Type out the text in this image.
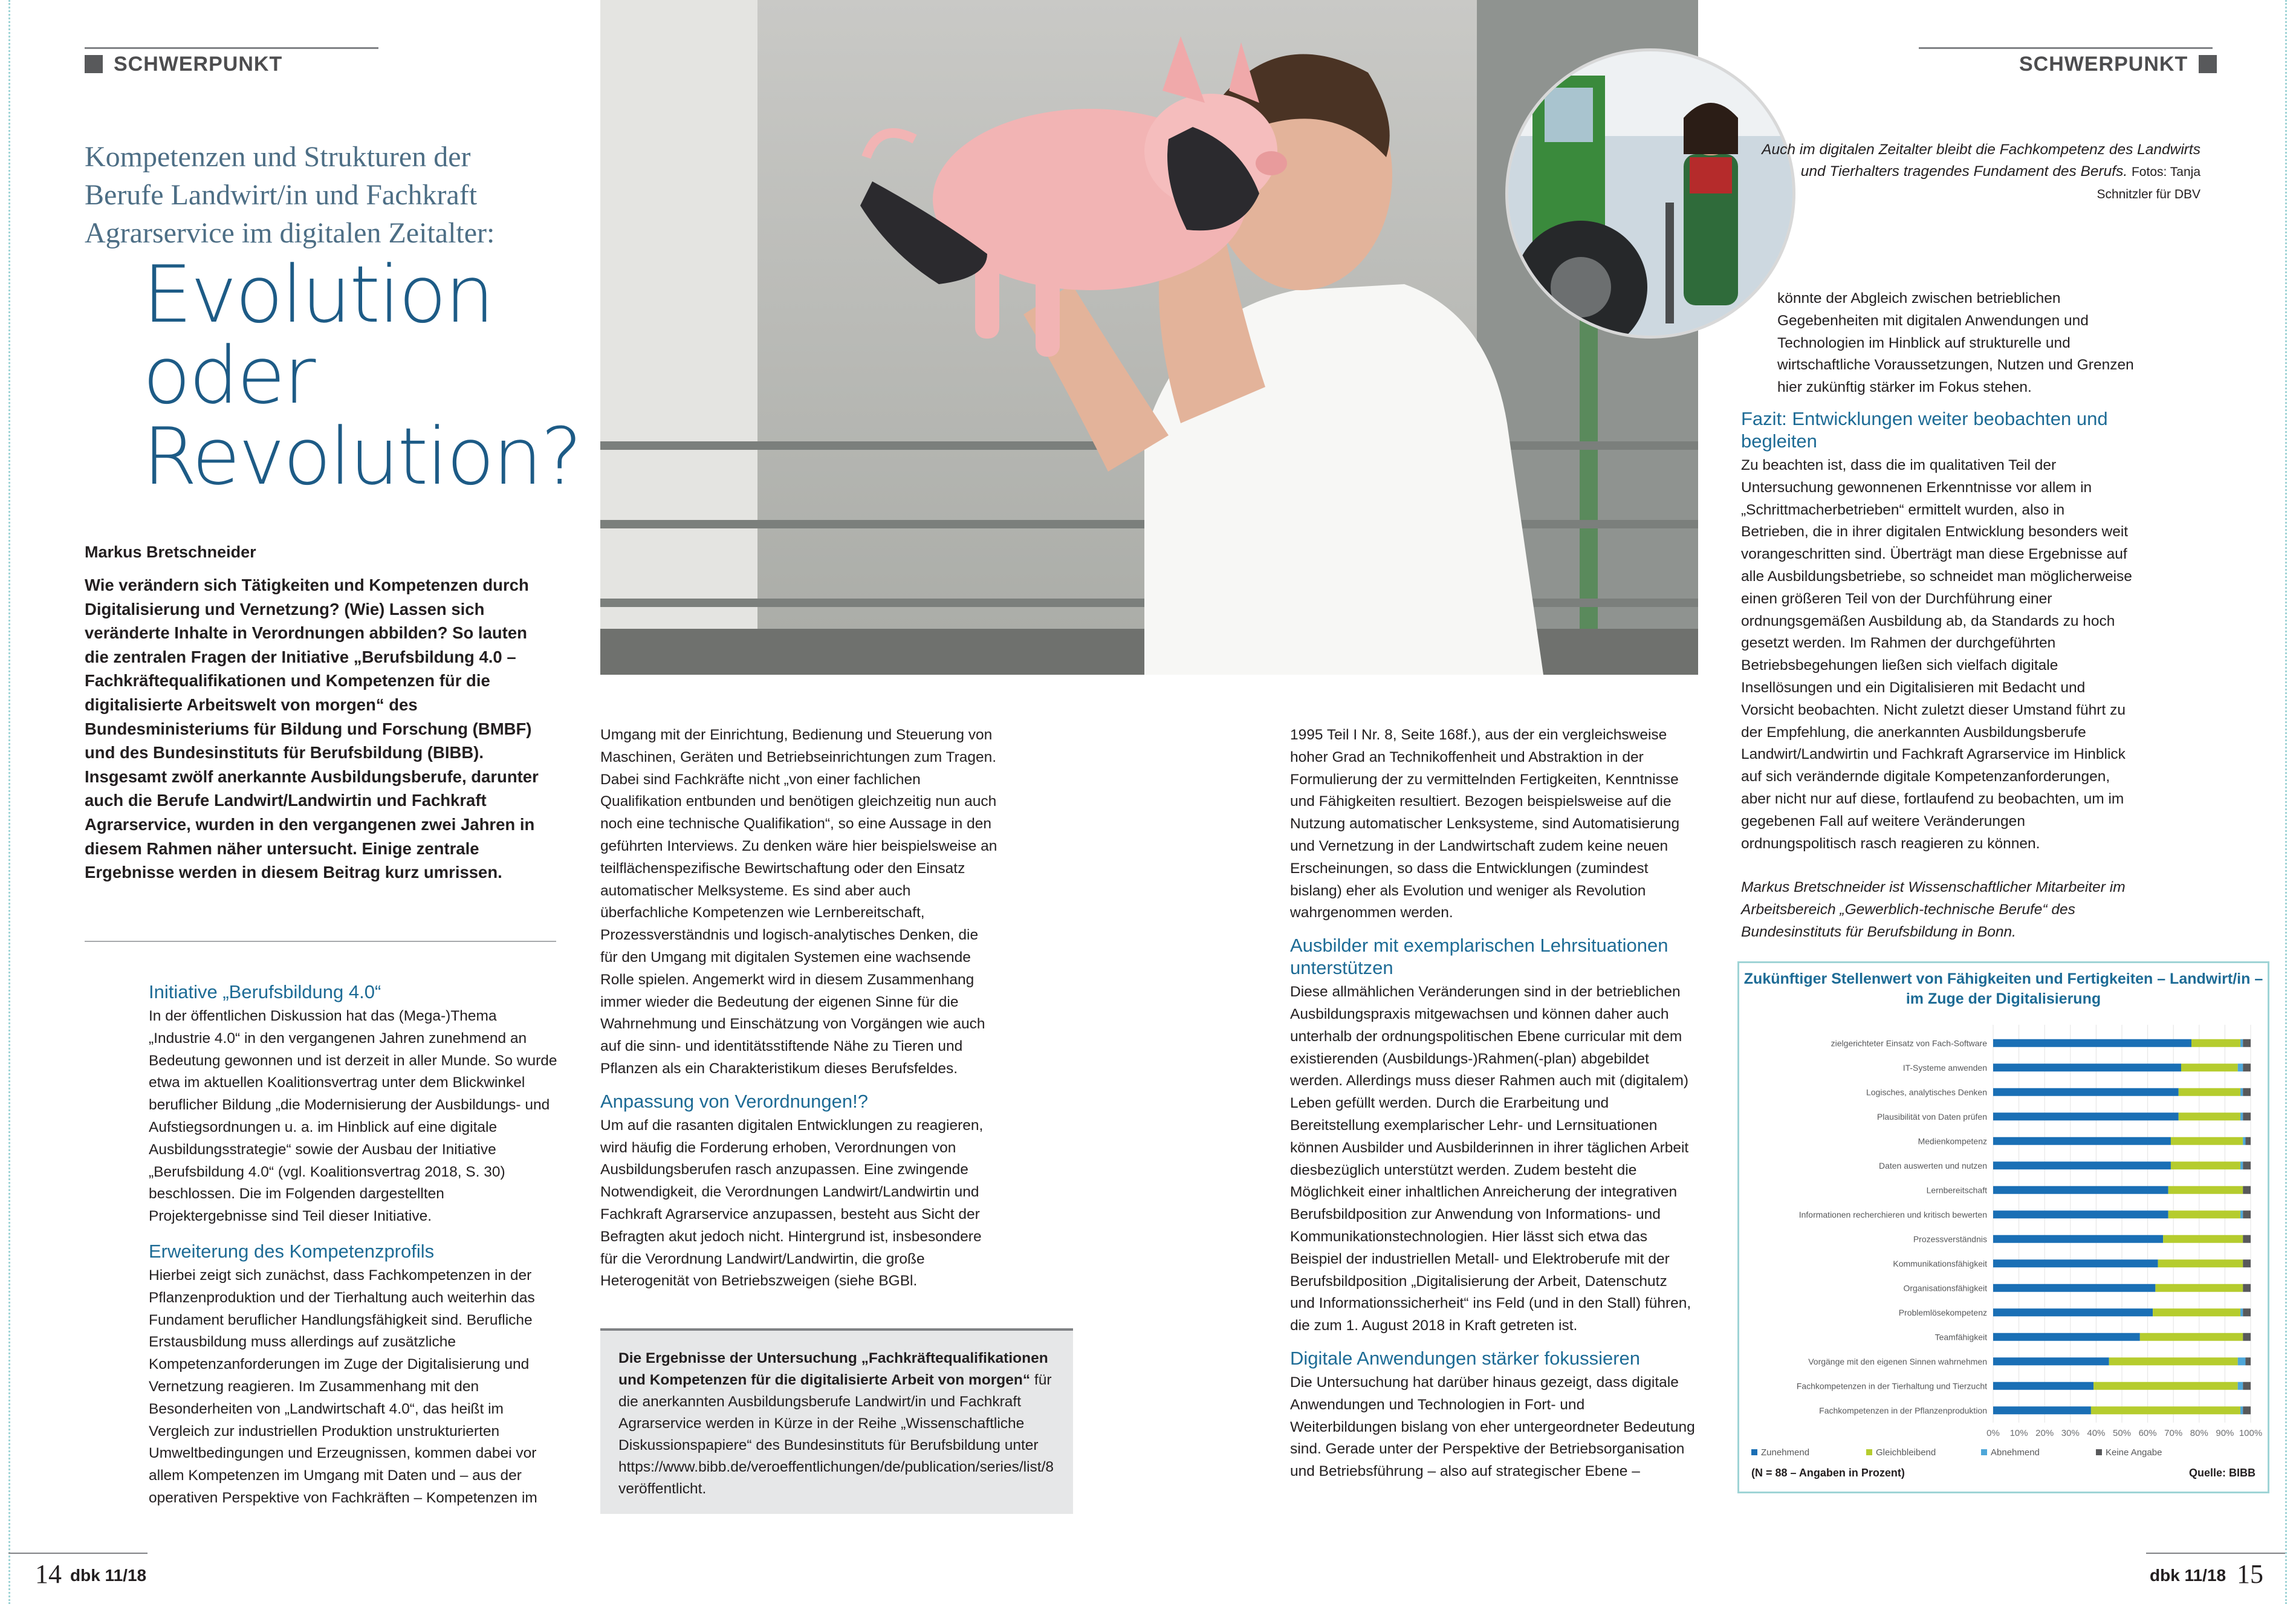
SCHWERPUNKT	SCHWERPUNKT
Kompetenzen und Strukturen der Berufe Landwirt/in und Fachkraft Agrarservice im digitalen Zeitalter:
Evolution
oder
Revolution?
Markus Bretschneider
Wie verändern sich Tätigkeiten und Kompetenzen durch Digitalisierung und Vernetzung? (Wie) Lassen sich veränderte Inhalte in Verordnungen abbilden? So lauten die zentralen Fragen der Initiative „Berufsbildung 4.0 – Fachkräftequalifikationen und Kompetenzen für die digitalisierte Arbeitswelt von morgen“ des Bundesministeriums für Bildung und Forschung (BMBF) und des Bundesinstituts für Berufsbildung (BIBB). Insgesamt zwölf anerkannte Ausbildungsberufe, darunter auch die Berufe Landwirt/Landwirtin und Fachkraft Agrarservice, wurden in den vergangenen zwei Jahren in diesem Rahmen näher untersucht. Einige zentrale Ergebnisse werden in diesem Beitrag kurz umrissen.
Auch im digitalen Zeitalter bleibt die Fachkompetenz des Landwirts und Tierhalters tragendes Fundament des Berufs. Fotos: Tanja Schnitzler für DBV
Initiative „Berufsbildung 4.0“

In der öffentlichen Diskussion hat das (Mega-)Thema „Industrie 4.0“ in den vergangenen Jahren zunehmend an Bedeutung gewonnen und ist derzeit in aller Munde. So wurde etwa im aktuellen Koalitionsvertrag unter dem Blickwinkel beruflicher Bildung „die Modernisierung der Ausbildungs- und Aufstiegsordnungen u. a. im Hinblick auf eine digitale Ausbildungsstrategie“ sowie der Ausbau der Initiative „Berufsbildung 4.0“ (vgl. Koalitionsvertrag 2018, S. 30) beschlossen. Die im Folgenden dargestellten Projektergebnisse sind Teil dieser Initiative.

Erweiterung des Kompetenzprofils

Hierbei zeigt sich zunächst, dass Fachkompetenzen in der Pflanzenproduktion und der Tierhaltung auch weiterhin das Fundament beruflicher Handlungsfähigkeit sind. Berufliche Erstausbildung muss allerdings auf zusätzliche Kompetenzanforderungen im Zuge der Digitalisierung und Vernetzung reagieren. Im Zusammenhang mit den Besonderheiten von „Landwirtschaft 4.0“, das heißt im Vergleich zur industriellen Produktion unstrukturierten Umweltbedingungen und Erzeugnissen, kommen dabei vor allem Kompetenzen im Umgang mit Daten und – aus der operativen Perspektive von Fachkräften – Kompetenzen im

Umgang mit der Einrichtung, Bedienung und Steuerung von Maschinen, Geräten und Betriebseinrichtungen zum Tragen. Dabei sind Fachkräfte nicht „von einer fachlichen Qualifikation entbunden und benötigen gleichzeitig nun auch noch eine technische Qualifikation“, so eine Aussage in den geführten Interviews. Zu denken wäre hier beispielsweise an teilflächenspezifische Bewirtschaftung oder den Einsatz automatischer Melksysteme. Es sind aber auch überfachliche Kompetenzen wie Lernbereitschaft, Prozessverständnis und logisch-analytisches Denken, die für den Umgang mit digitalen Systemen eine wachsende Rolle spielen. Angemerkt wird in diesem Zusammenhang immer wieder die Bedeutung der eigenen Sinne für die Wahrnehmung und Einschätzung von Vorgängen wie auch auf die sinn- und identitätsstiftende Nähe zu Tieren und Pflanzen als ein Charakteristikum dieses Berufsfeldes.

Anpassung von Verordnungen!?

Um auf die rasanten digitalen Entwicklungen zu reagieren, wird häufig die Forderung erhoben, Verordnungen von Ausbildungsberufen rasch anzupassen. Eine zwingende Notwendigkeit, die Verordnungen Landwirt/Landwirtin und Fachkraft Agrarservice anzupassen, besteht aus Sicht der Befragten akut jedoch nicht. Hintergrund ist, insbesondere für die Verordnung Landwirt/Landwirtin, die große Heterogenität von Betriebszweigen (siehe BGBl.

Die Ergebnisse der Untersuchung „Fachkräftequalifikationen und Kompetenzen für die digitalisierte Arbeit von morgen“ für die anerkannten Ausbildungsberufe Landwirt/in und Fachkraft Agrarservice werden in Kürze in der Reihe „Wissenschaftliche Diskussionspapiere“ des Bundesinstituts für Berufsbildung unter https://www.bibb.de/veroeffentlichungen/de/publication/series/list/8 veröffentlicht.

1995 Teil I Nr. 8, Seite 168f.), aus der ein vergleichsweise hoher Grad an Technikoffenheit und Abstraktion in der Formulierung der zu vermittelnden Fertigkeiten, Kenntnisse und Fähigkeiten resultiert. Bezogen beispielsweise auf die Nutzung automatischer Lenksysteme, sind Automatisierung und Vernetzung in der Landwirtschaft zudem keine neuen Erscheinungen, so dass die Entwicklungen (zumindest bislang) eher als Evolution und weniger als Revolution wahrgenommen werden.

Ausbilder mit exemplarischen Lehrsituationen unterstützen

Diese allmählichen Veränderungen sind in der betrieblichen Ausbildungspraxis mitgewachsen und können daher auch unterhalb der ordnungspolitischen Ebene curricular mit dem existierenden (Ausbildungs-)Rahmen(-plan) abgebildet werden. Allerdings muss dieser Rahmen auch mit (digitalem) Leben gefüllt werden. Durch die Erarbeitung und Bereitstellung exemplarischer Lehr- und Lernsituationen können Ausbilder und Ausbilderinnen in ihrer täglichen Arbeit diesbezüglich unterstützt werden. Zudem besteht die Möglichkeit einer inhaltlichen Anreicherung der integrativen Berufsbildposition zur Anwendung von Informations- und Kommunikationstechnologien. Hier lässt sich etwa das Beispiel der industriellen Metall- und Elektroberufe mit der Berufsbildposition „Digitalisierung der Arbeit, Datenschutz und Informationssicherheit“ ins Feld (und in den Stall) führen, die zum 1. August 2018 in Kraft getreten ist.

Digitale Anwendungen stärker fokussieren

Die Untersuchung hat darüber hinaus gezeigt, dass digitale Anwendungen und Technologien in Fort- und Weiterbildungen bislang von eher untergeordneter Bedeutung sind. Gerade unter der Perspektive der Betriebsorganisation und Betriebsführung – also auf strategischer Ebene –

könnte der Abgleich zwischen betrieblichen Gegebenheiten mit digitalen Anwendungen und Technologien im Hinblick auf strukturelle und wirtschaftliche Voraussetzungen, Nutzen und Grenzen hier zukünftig stärker im Fokus stehen.

Fazit: Entwicklungen weiter beobachten und begleiten

Zu beachten ist, dass die im qualitativen Teil der Untersuchung gewonnenen Erkenntnisse vor allem in „Schrittmacherbetrieben“ ermittelt wurden, also in Betrieben, die in ihrer digitalen Entwicklung besonders weit vorangeschritten sind. Überträgt man diese Ergebnisse auf alle Ausbildungsbetriebe, so schneidet man möglicherweise einen größeren Teil von der Durchführung einer ordnungsgemäßen Ausbildung ab, da Standards zu hoch gesetzt werden. Im Rahmen der durchgeführten Betriebsbegehungen ließen sich vielfach digitale Insellösungen und ein Digitalisieren mit Bedacht und Vorsicht beobachten. Nicht zuletzt dieser Umstand führt zu der Empfehlung, die anerkannten Ausbildungsberufe Landwirt/Landwirtin und Fachkraft Agrarservice im Hinblick auf sich verändernde digitale Kompetenzanforderungen, aber nicht nur auf diese, fortlaufend zu beobachten, um im gegebenen Fall auf weitere Veränderungen ordnungspolitisch rasch reagieren zu können.

Markus Bretschneider ist Wissenschaftlicher Mitarbeiter im Arbeitsbereich „Gewerblich-technische Berufe“ des Bundesinstituts für Berufsbildung in Bonn.

Zukünftiger Stellenwert von Fähigkeiten und Fertigkeiten – Landwirt/in – im Zuge der Digitalisierung
0% 10% 20% 30% 40% 50% 60% 70% 80% 90% 100%
zielgerichteter Einsatz von Fach-Software
IT-Systeme anwenden
Logisches, analytisches Denken
Plausibilität von Daten prüfen
Medienkompetenz
Daten auswerten und nutzen
Lernbereitschaft
Informationen recherchieren und kritisch bewerten
Prozessverständnis
Kommunikationsfähigkeit
Organisationsfähigkeit
Problemlösekompetenz
Teamfähigkeit
Vorgänge mit den eigenen Sinnen wahrnehmen
Fachkompetenzen in der Tierhaltung und Tierzucht
Fachkompetenzen in der Pflanzenproduktion
Zunehmend	Gleichbleibend	Abnehmend	Keine Angabe
(N = 88 – Angaben in Prozent)	Quelle: BIBB
14 dbk 11/18	dbk 11/18 15
